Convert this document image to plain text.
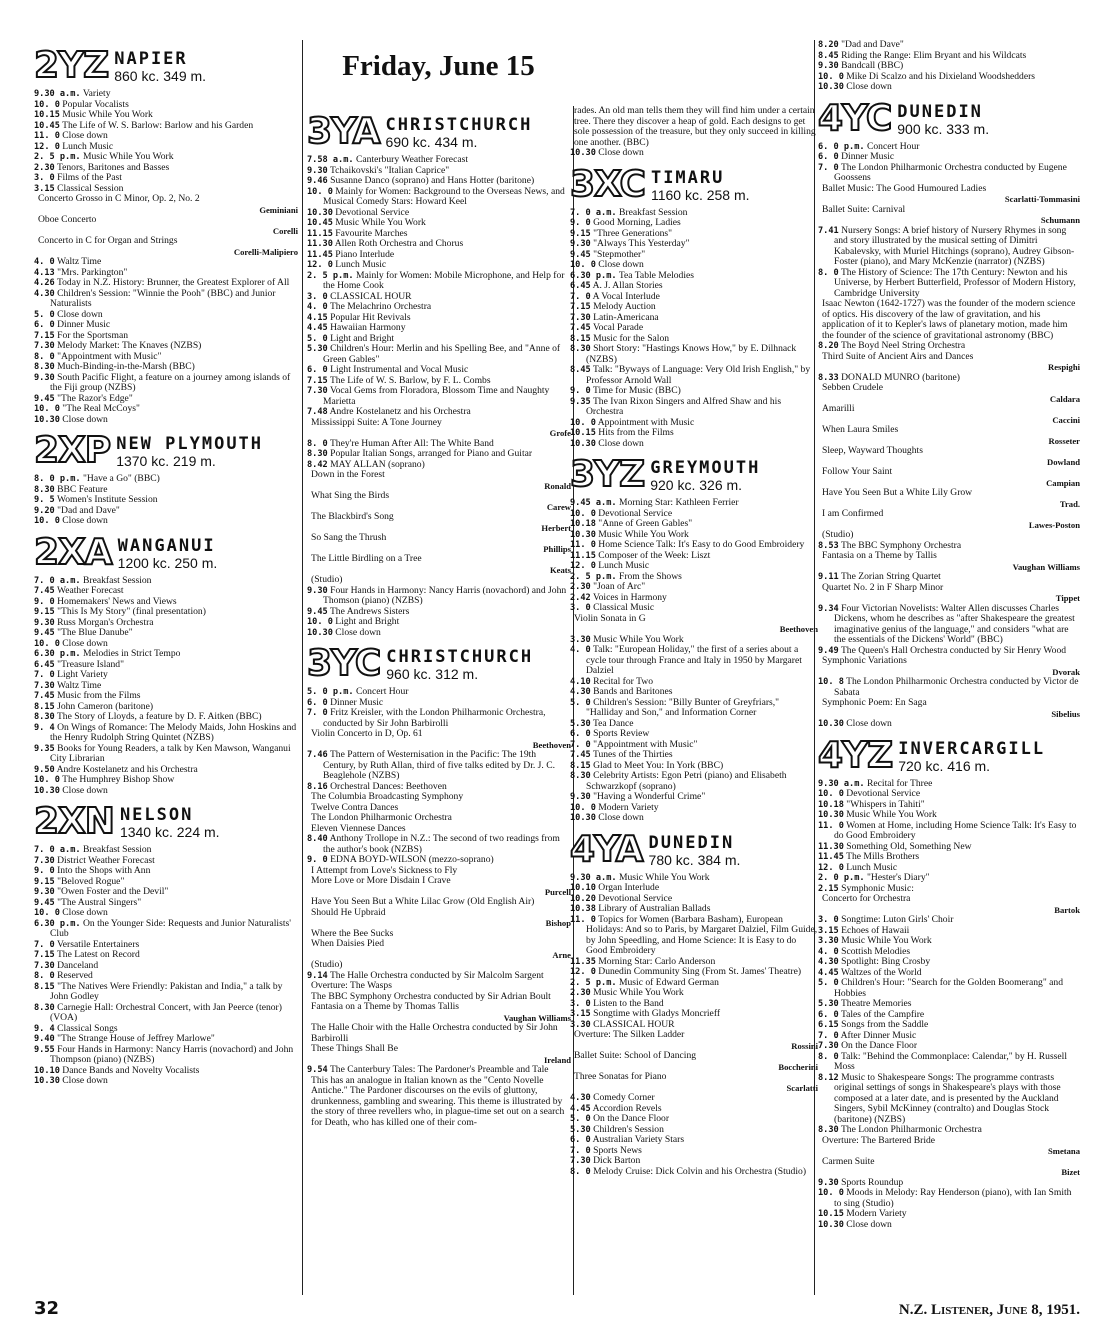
Friday, June 15
2YZ NAPIER
860 kc. 349 m.

9.30 a.m. Variety

10. 0 Popular Vocalists

10.15 Music While You Work

10.45 The Life of W. S. Barlow: Barlow and his Garden

11. 0 Close down

12. 0 Lunch Music

2. 5 p.m. Music While You Work

2.30 Tenors, Baritones and Basses

3. 0 Films of the Past

3.15 Classical Session

Concerto Grosso in C Minor, Op. 2, No. 2

Geminiani

Oboe Concerto

Corelli

Concerto in C for Organ and Strings

Corelli-Malipiero

4. 0 Waltz Time

4.13 "Mrs. Parkington"

4.26 Today in N.Z. History: Brunner, the Greatest Explorer of All

4.30 Children's Session: "Winnie the Pooh" (BBC) and Junior Naturalists

5. 0 Close down

6. 0 Dinner Music

7.15 For the Sportsman

7.30 Melody Market: The Knaves (NZBS)

8. 0 "Appointment with Music"

8.30 Much-Binding-in-the-Marsh (BBC)

9.30 South Pacific Flight, a feature on a journey among islands of the Fiji group (NZBS)

9.45 "The Razor's Edge"

10. 0 "The Real McCoys"

10.30 Close down

2XP NEW PLYMOUTH
1370 kc. 219 m.

8. 0 p.m. "Have a Go" (BBC)

8.30 BBC Feature

9. 5 Women's Institute Session

9.20 "Dad and Dave"

10. 0 Close down

2XA WANGANUI
1200 kc. 250 m.

7. 0 a.m. Breakfast Session

7.45 Weather Forecast

9. 0 Homemakers' News and Views

9.15 "This Is My Story" (final presentation)

9.30 Russ Morgan's Orchestra

9.45 "The Blue Danube"

10. 0 Close down

6.30 p.m. Melodies in Strict Tempo

6.45 "Treasure Island"

7. 0 Light Variety

7.30 Waltz Time

7.45 Music from the Films

8.15 John Cameron (baritone)

8.30 The Story of Lloyds, a feature by D. F. Aitken (BBC)

9. 4 On Wings of Romance: The Melody Maids, John Hoskins and the Henry Rudolph String Quintet (NZBS)

9.35 Books for Young Readers, a talk by Ken Mawson, Wanganui City Librarian

9.50 Andre Kostelanetz and his Orchestra

10. 0 The Humphrey Bishop Show

10.30 Close down

2XN NELSON
1340 kc. 224 m.

7. 0 a.m. Breakfast Session

7.30 District Weather Forecast

9. 0 Into the Shops with Ann

9.15 "Beloved Rogue"

9.30 "Owen Foster and the Devil"

9.45 "The Austral Singers"

10. 0 Close down

6.30 p.m. On the Younger Side: Requests and Junior Naturalists' Club

7. 0 Versatile Entertainers

7.15 The Latest on Record

7.30 Danceland

8. 0 Reserved

8.15 "The Natives Were Friendly: Pakistan and India," a talk by John Godley

8.30 Carnegie Hall: Orchestral Concert, with Jan Peerce (tenor) (VOA)

9. 4 Classical Songs

9.40 "The Strange House of Jeffrey Marlowe"

9.55 Four Hands in Harmony: Nancy Harris (novachord) and John Thompson (piano) (NZBS)

10.10 Dance Bands and Novelty Vocalists

10.30 Close down

3YA CHRISTCHURCH
690 kc. 434 m.

7.58 a.m. Canterbury Weather Forecast

9.30 Tchaikovski's "Italian Caprice"

9.46 Susanne Danco (soprano) and Hans Hotter (baritone)

10. 0 Mainly for Women: Background to the Overseas News, and Musical Comedy Stars: Howard Keel

10.30 Devotional Service

10.45 Music While You Work

11.15 Favourite Marches

11.30 Allen Roth Orchestra and Chorus

11.45 Piano Interlude

12. 0 Lunch Music

2. 5 p.m. Mainly for Women: Mobile Microphone, and Help for the Home Cook

3. 0 CLASSICAL HOUR

4. 0 The Melachrino Orchestra

4.15 Popular Hit Revivals

4.45 Hawaiian Harmony

5. 0 Light and Bright

5.30 Children's Hour: Merlin and his Spelling Bee, and "Anne of Green Gables"

6. 0 Light Instrumental and Vocal Music

7.15 The Life of W. S. Barlow, by F. L. Combs

7.30 Vocal Gems from Floradora, Blossom Time and Naughty Marietta

7.48 Andre Kostelanetz and his Orchestra

Mississippi Suite: A Tone Journey

Grofe

8. 0 They're Human After All: The White Band

8.30 Popular Italian Songs, arranged for Piano and Guitar

8.42 MAY ALLAN (soprano)

Down in the Forest

Ronald

What Sing the Birds

Carew

The Blackbird's Song

Herbert

So Sang the Thrush

Phillips

The Little Birdling on a Tree

Keats

(Studio)

9.30 Four Hands in Harmony: Nancy Harris (novachord) and John Thomson (piano) (NZBS)

9.45 The Andrews Sisters

10. 0 Light and Bright

10.30 Close down

3YC CHRISTCHURCH
960 kc. 312 m.

5. 0 p.m. Concert Hour

6. 0 Dinner Music

7. 0 Fritz Kreisler, with the London Philharmonic Orchestra, conducted by Sir John Barbirolli

Violin Concerto in D, Op. 61

Beethoven

7.46 The Pattern of Westernisation in the Pacific: The 19th Century, by Ruth Allan, third of five talks edited by Dr. J. C. Beaglehole (NZBS)

8.16 Orchestral Dances: Beethoven

The Columbia Broadcasting Symphony

Twelve Contra Dances

The London Philharmonic Orchestra

Eleven Viennese Dances

8.40 Anthony Trollope in N.Z.: The second of two readings from the author's book (NZBS)

9. 0 EDNA BOYD-WILSON (mezzo-soprano)

I Attempt from Love's Sickness to Fly

More Love or More Disdain I Crave

Purcell

Have You Seen But a White Lilac Grow (Old English Air)

Should He Upbraid

Bishop

Where the Bee Sucks

When Daisies Pied

Arne

(Studio)

9.14 The Halle Orchestra conducted by Sir Malcolm Sargent

Overture: The Wasps

The BBC Symphony Orchestra conducted by Sir Adrian Boult

Fantasia on a Theme by Thomas Tallis

Vaughan Williams

The Halle Choir with the Halle Orchestra conducted by Sir John Barbirolli

These Things Shall Be

Ireland

9.54 The Canterbury Tales: The Pardoner's Preamble and Tale

This has an analogue in Italian known as the "Cento Novelle Antiche." The Pardoner discourses on the evils of gluttony, drunkenness, gambling and swearing. This theme is illustrated by the story of three revellers who, in plague-time set out on a search for Death, who has killed one of their com-

rades. An old man tells them they will find him under a certain tree. There they discover a heap of gold. Each designs to get sole possession of the treasure, but they only succeed in killing one another. (BBC)

10.30 Close down

3XC TIMARU
1160 kc. 258 m.

7. 0 a.m. Breakfast Session

9. 0 Good Morning, Ladies

9.15 "Three Generations"

9.30 "Always This Yesterday"

9.45 "Stepmother"

10. 0 Close down

6.30 p.m. Tea Table Melodies

6.45 A. J. Allan Stories

7. 0 A Vocal Interlude

7.15 Melody Auction

7.30 Latin-Americana

7.45 Vocal Parade

8.15 Music for the Salon

8.30 Short Story: "Hastings Knows How," by E. Dilhnack (NZBS)

8.45 Talk: "Byways of Language: Very Old Irish English," by Professor Arnold Wall

9. 0 Time for Music (BBC)

9.35 The Ivan Rixon Singers and Alfred Shaw and his Orchestra

10. 0 Appointment with Music

10.15 Hits from the Films

10.30 Close down

3YZ GREYMOUTH
920 kc. 326 m.

9.45 a.m. Morning Star: Kathleen Ferrier

10. 0 Devotional Service

10.18 "Anne of Green Gables"

10.30 Music While You Work

11. 0 Home Science Talk: It's Easy to do Good Embroidery

11.15 Composer of the Week: Liszt

12. 0 Lunch Music

2. 5 p.m. From the Shows

2.30 "Joan of Arc"

2.42 Voices in Harmony

3. 0 Classical Music

Violin Sonata in G

Beethoven

3.30 Music While You Work

4. 0 Talk: "European Holiday," the first of a series about a cycle tour through France and Italy in 1950 by Margaret Dalziel

4.10 Recital for Two

4.30 Bands and Baritones

5. 0 Children's Session: "Billy Bunter of Greyfriars," "Halliday and Son," and Information Corner

5.30 Tea Dance

6. 0 Sports Review

7. 0 "Appointment with Music"

7.45 Tunes of the Thirties

8.15 Glad to Meet You: In York (BBC)

8.30 Celebrity Artists: Egon Petri (piano) and Elisabeth Schwarzkopf (soprano)

9.30 "Having a Wonderful Crime"

10. 0 Modern Variety

10.30 Close down

4YA DUNEDIN
780 kc. 384 m.

9.30 a.m. Music While You Work

10.10 Organ Interlude

10.20 Devotional Service

10.38 Library of Australian Ballads

11. 0 Topics for Women (Barbara Basham), European Holidays: And so to Paris, by Margaret Dalziel, Film Guide, by John Speedling, and Home Science: It is Easy to do Good Embroidery

11.35 Morning Star: Carlo Anderson

12. 0 Dunedin Community Sing (From St. James' Theatre)

2. 5 p.m. Music of Edward German

2.30 Music While You Work

3. 0 Listen to the Band

3.15 Songtime with Gladys Moncrieff

3.30 CLASSICAL HOUR

Overture: The Silken Ladder

Rossini

Ballet Suite: School of Dancing

Boccherini

Three Sonatas for Piano

Scarlatti

4.30 Comedy Corner

4.45 Accordion Revels

5. 0 On the Dance Floor

5.30 Children's Session

6. 0 Australian Variety Stars

7. 0 Sports News

7.30 Dick Barton

8. 0 Melody Cruise: Dick Colvin and his Orchestra (Studio)

8.20 "Dad and Dave"

8.45 Riding the Range: Elim Bryant and his Wildcats

9.30 Bandcall (BBC)

10. 0 Mike Di Scalzo and his Dixieland Woodshedders

10.30 Close down

4YC DUNEDIN
900 kc. 333 m.

6. 0 p.m. Concert Hour

6. 0 Dinner Music

7. 0 The London Philharmonic Orchestra conducted by Eugene Goossens

Ballet Music: The Good Humoured Ladies

Scarlatti-Tommasini

Ballet Suite: Carnival

Schumann

7.41 Nursery Songs: A brief history of Nursery Rhymes in song and story illustrated by the musical setting of Dimitri Kabalevsky, with Muriel Hitchings (soprano), Audrey Gibson-Foster (piano), and Mary McKenzie (narrator) (NZBS)

8. 0 The History of Science: The 17th Century: Newton and his Universe, by Herbert Butterfield, Professor of Modern History, Cambridge University

Isaac Newton (1642-1727) was the founder of the modern science of optics. His discovery of the law of gravitation, and his application of it to Kepler's laws of planetary motion, made him the founder of the science of gravitational astronomy (BBC)

8.20 The Boyd Neel String Orchestra

Third Suite of Ancient Airs and Dances

Respighi

8.33 DONALD MUNRO (baritone)

Sebben Crudele

Caldara

Amarilli

Caccini

When Laura Smiles

Rosseter

Sleep, Wayward Thoughts

Dowland

Follow Your Saint

Campian

Have You Seen But a White Lily Grow

Trad.

I am Confirmed

Lawes-Poston

(Studio)

8.53 The BBC Symphony Orchestra

Fantasia on a Theme by Tallis

Vaughan Williams

9.11 The Zorian String Quartet

Quartet No. 2 in F Sharp Minor

Tippet

9.34 Four Victorian Novelists: Walter Allen discusses Charles Dickens, whom he describes as "after Shakespeare the greatest imaginative genius of the language," and considers "what are the essentials of the Dickens' World" (BBC)

9.49 The Queen's Hall Orchestra conducted by Sir Henry Wood

Symphonic Variations

Dvorak

10. 8 The London Philharmonic Orchestra conducted by Victor de Sabata

Symphonic Poem: En Saga

Sibelius

10.30 Close down

4YZ INVERCARGILL
720 kc. 416 m.

9.30 a.m. Recital for Three

10. 0 Devotional Service

10.18 "Whispers in Tahiti"

10.30 Music While You Work

11. 0 Women at Home, including Home Science Talk: It's Easy to do Good Embroidery

11.30 Something Old, Something New

11.45 The Mills Brothers

12. 0 Lunch Music

2. 0 p.m. "Hester's Diary"

2.15 Symphonic Music:

Concerto for Orchestra

Bartok

3. 0 Songtime: Luton Girls' Choir

3.15 Echoes of Hawaii

3.30 Music While You Work

4. 0 Scottish Melodies

4.30 Spotlight: Bing Crosby

4.45 Waltzes of the World

5. 0 Children's Hour: "Search for the Golden Boomerang" and Hobbies

5.30 Theatre Memories

6. 0 Tales of the Campfire

6.15 Songs from the Saddle

7. 0 After Dinner Music

7.30 On the Dance Floor

8. 0 Talk: "Behind the Commonplace: Calendar," by H. Russell Moss

8.12 Music to Shakespeare Songs: The programme contrasts original settings of songs in Shakespeare's plays with those composed at a later date, and is presented by the Auckland Singers, Sybil McKinney (contralto) and Douglas Stock (baritone) (NZBS)

8.30 The London Philharmonic Orchestra

Overture: The Bartered Bride

Smetana

Carmen Suite

Bizet

9.30 Sports Roundup

10. 0 Moods in Melody: Ray Henderson (piano), with Ian Smith to sing (Studio)

10.15 Modern Variety

10.30 Close down

32	N.Z. Listener, June 8, 1951.
